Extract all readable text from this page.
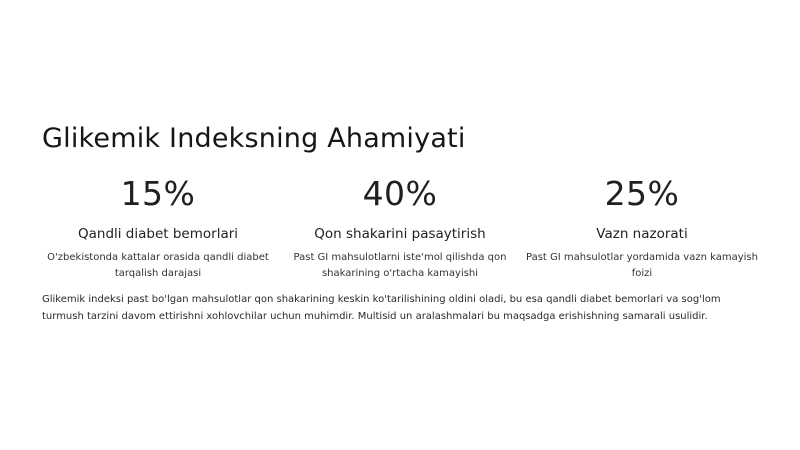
Glikemik Indeksning Ahamiyati
15%
Qandli diabet bemorlari
O'zbekistonda kattalar orasida qandli diabet tarqalish darajasi
40%
Qon shakarini pasaytirish
Past GI mahsulotlarni iste'mol qilishda qon shakarining o'rtacha kamayishi
25%
Vazn nazorati
Past GI mahsulotlar yordamida vazn kamayish foizi

Glikemik indeksi past bo'lgan mahsulotlar qon shakarining keskin ko'tarilishining oldini oladi, bu esa qandli diabet bemorlari va sog'lom turmush tarzini davom ettirishni xohlovchilar uchun muhimdir. Multisid un aralashmalari bu maqsadga erishishning samarali usulidir.
